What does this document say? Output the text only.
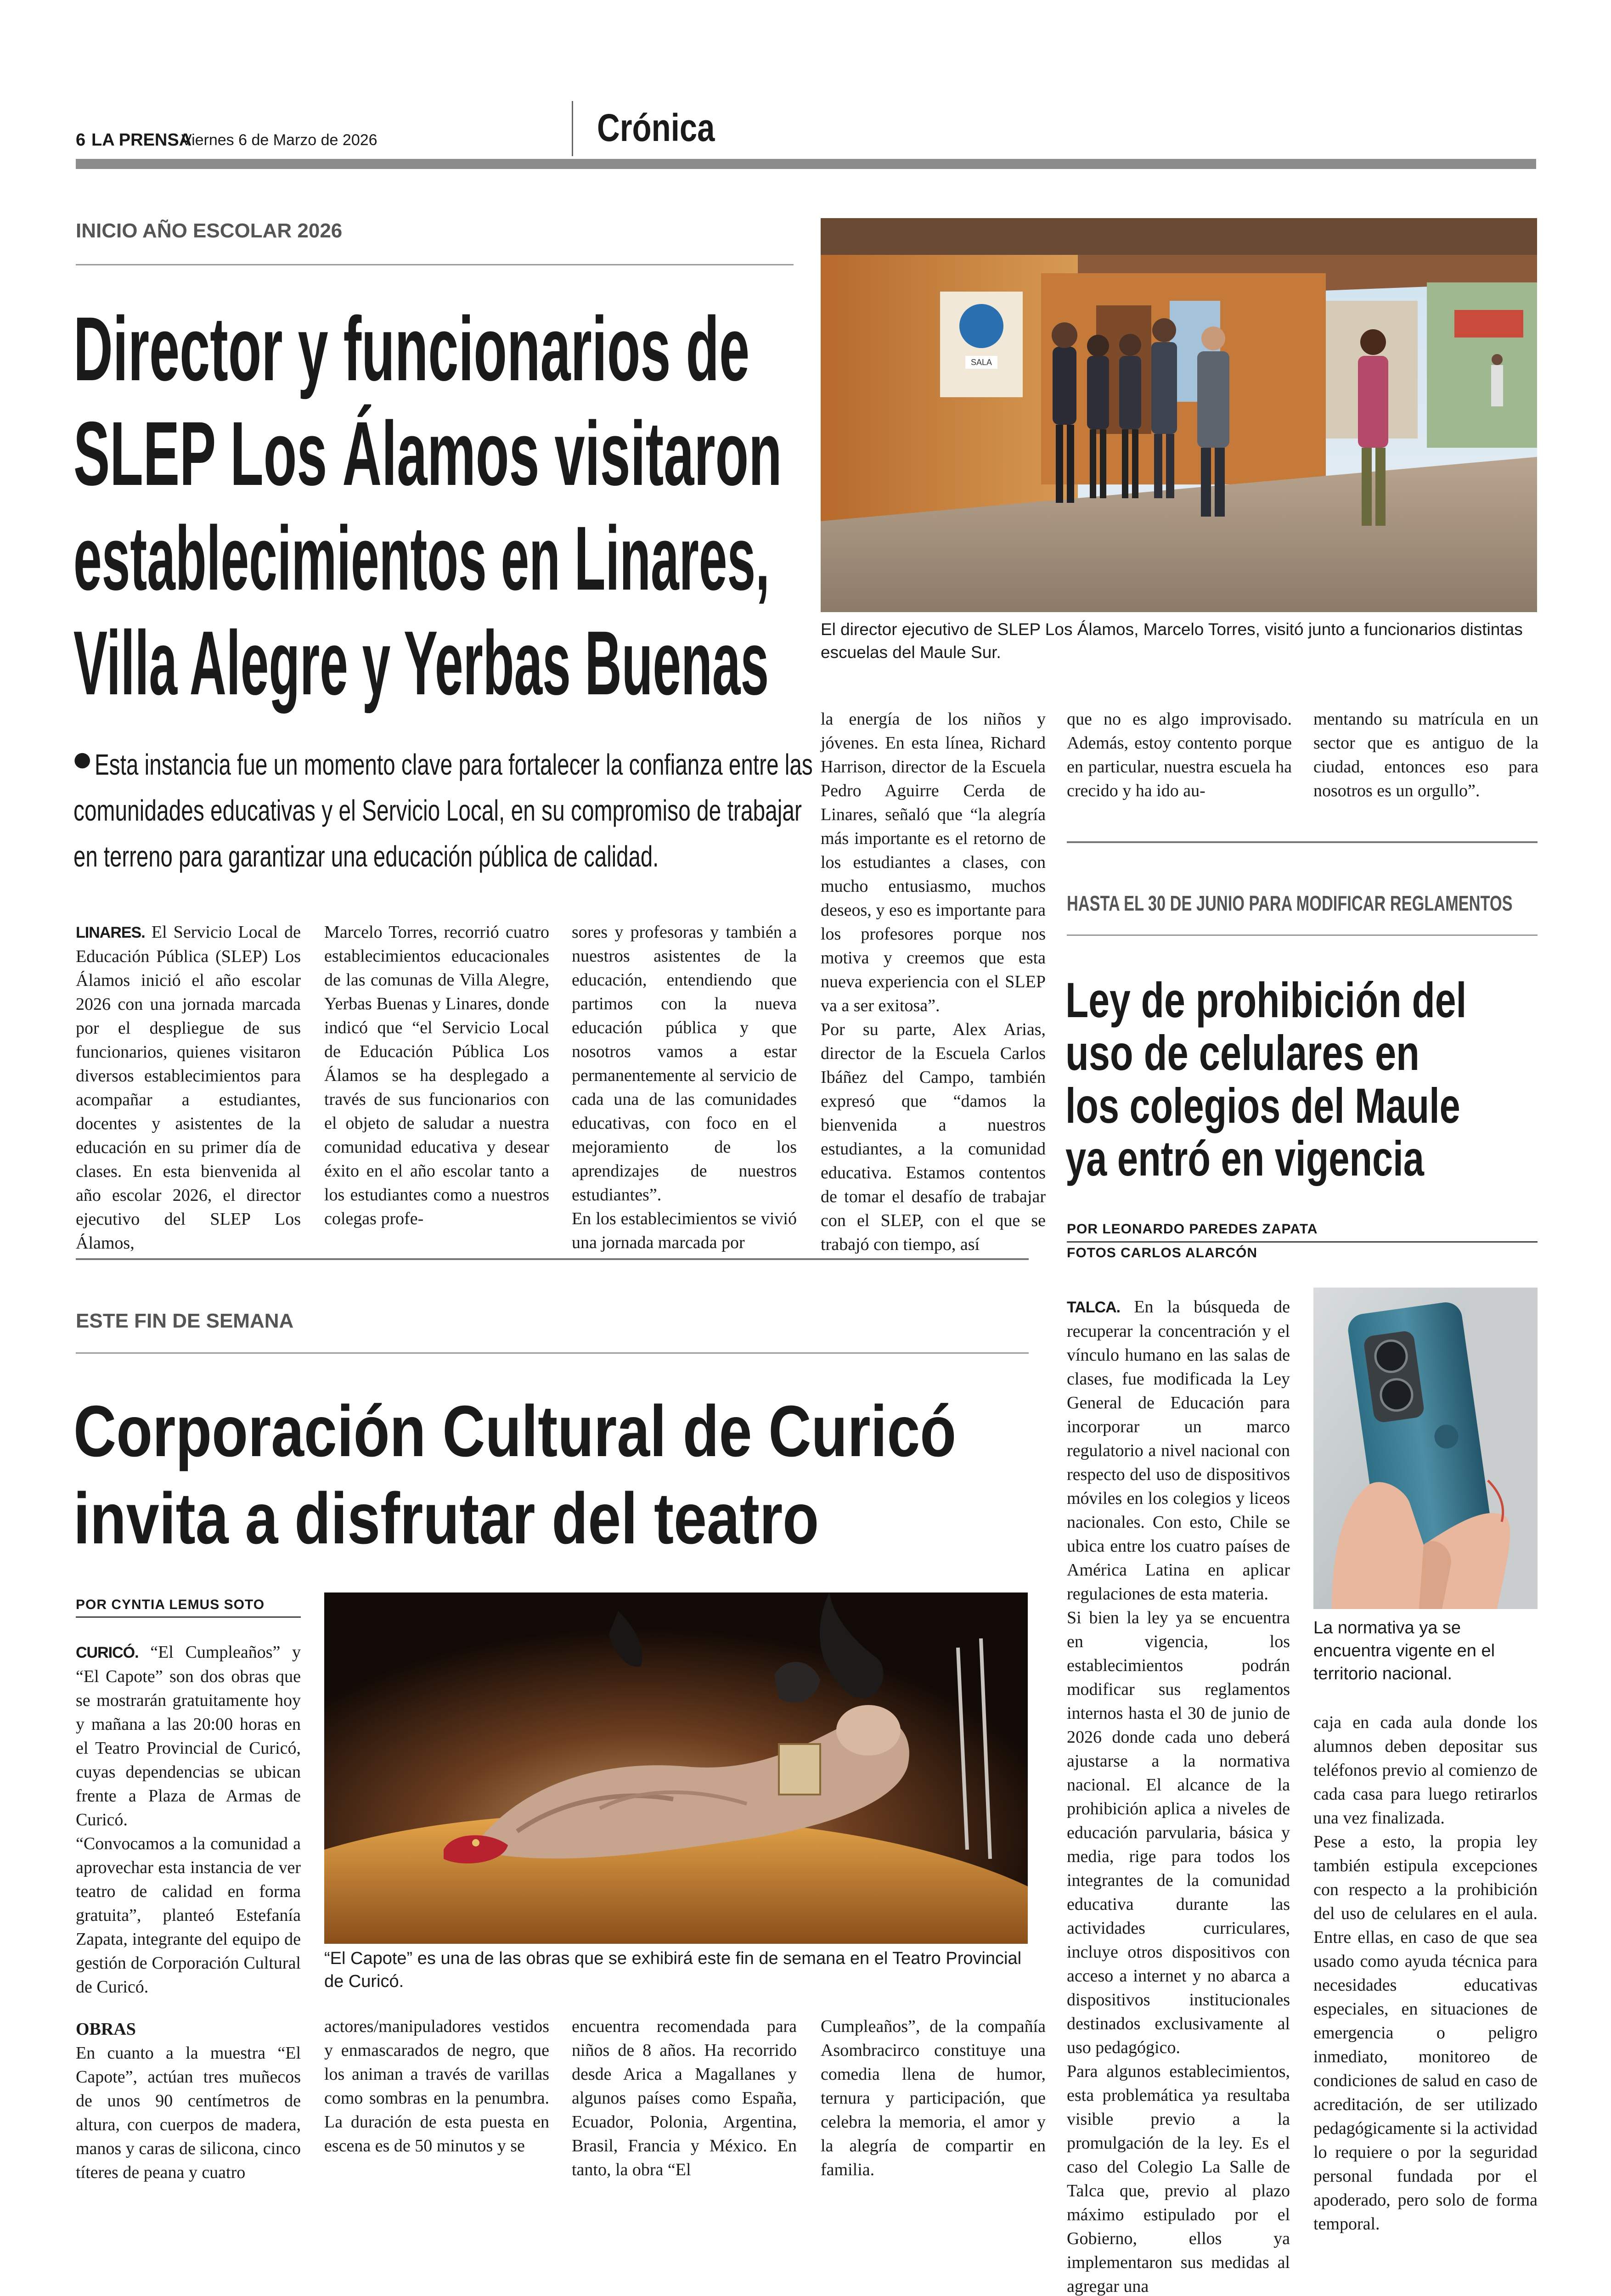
6 LA PRENSA
Viernes 6 de Marzo de 2026	Crónica
INICIO AÑO ESCOLAR 2026
Director y funcionarios de
SLEP Los Álamos visitaron
establecimientos en Linares,
Villa Alegre y Yerbas Buenas
● Esta instancia fue un momento clave para fortalecer la confianza entre las
comunidades educativas y el Servicio Local, en su compromiso de trabajar
en terreno para garantizar una educación pública de calidad.
SALA
El director ejecutivo de SLEP Los Álamos, Marcelo Torres, visitó junto a funcionarios distintas escuelas del Maule Sur.

LINARES. El Servicio Local de Educación Pública (SLEP) Los Álamos inició el año escolar 2026 con una jornada marcada por el despliegue de sus funcionarios, quienes visitaron diversos establecimientos para acompañar a estudiantes, docentes y asistentes de la educación en su primer día de clases. En esta bienvenida al año escolar 2026, el director ejecutivo del SLEP Los Álamos,

Marcelo Torres, recorrió cuatro establecimientos educacionales de las comunas de Villa Alegre, Yerbas Buenas y Linares, donde indicó que “el Servicio Local de Educación Pública Los Álamos se ha desplegado a través de sus funcionarios con el objeto de saludar a nuestra comunidad educativa y desear éxito en el año escolar tanto a los estudiantes como a nuestros colegas profe-

sores y profesoras y también a nuestros asistentes de la educación, entendiendo que partimos con la nueva educación pública y que nosotros vamos a estar permanentemente al servicio de cada una de las comunidades educativas, con foco en el mejoramiento de los aprendizajes de nuestros estudiantes”.

En los establecimientos se vivió una jornada marcada por

la energía de los niños y jóvenes. En esta línea, Richard Harrison, director de la Escuela Pedro Aguirre Cerda de Linares, señaló que “la alegría más importante es el retorno de los estudiantes a clases, con mucho entusiasmo, muchos deseos, y eso es importante para los profesores porque nos motiva y creemos que esta nueva experiencia con el SLEP va a ser exitosa”.

Por su parte, Alex Arias, director de la Escuela Carlos Ibáñez del Campo, también expresó que “damos la bienvenida a nuestros estudiantes, a la comunidad educativa. Estamos contentos de tomar el desafío de trabajar con el SLEP, con el que se trabajó con tiempo, así

que no es algo improvisado. Además, estoy contento porque en particular, nuestra escuela ha crecido y ha ido au-
mentando su matrícula en un sector que es antiguo de la ciudad, entonces eso para nosotros es un orgullo”.
HASTA EL 30 DE JUNIO PARA MODIFICAR REGLAMENTOS
Ley de prohibición del
uso de celulares en
los colegios del Maule
ya entró en vigencia
POR LEONARDO PAREDES ZAPATA
FOTOS CARLOS ALARCÓN

TALCA. En la búsqueda de recuperar la concentración y el vínculo humano en las salas de clases, fue modificada la Ley General de Educación para incorporar un marco regulatorio a nivel nacional con respecto del uso de dispositivos móviles en los colegios y liceos nacionales. Con esto, Chile se ubica entre los cuatro países de América Latina en aplicar regulaciones de esta materia.

Si bien la ley ya se encuentra en vigencia, los establecimientos podrán modificar sus reglamentos internos hasta el 30 de junio de 2026 donde cada uno deberá ajustarse a la normativa nacional. El alcance de la prohibición aplica a niveles de educación parvularia, básica y media, rige para todos los integrantes de la comunidad educativa durante las actividades curriculares, incluye otros dispositivos con acceso a internet y no abarca a dispositivos institucionales destinados exclusivamente al uso pedagógico.

Para algunos establecimientos, esta problemática ya resultaba visible previo a la promulgación de la ley. Es el caso del Colegio La Salle de Talca que, previo al plazo máximo estipulado por el Gobierno, ellos ya implementaron sus medidas al agregar una

La normativa ya se encuentra vigente en el territorio nacional.

caja en cada aula donde los alumnos deben depositar sus teléfonos previo al comienzo de cada casa para luego retirarlos una vez finalizada.

Pese a esto, la propia ley también estipula excepciones con respecto a la prohibición del uso de celulares en el aula. Entre ellas, en caso de que sea usado como ayuda técnica para necesidades educativas especiales, en situaciones de emergencia o peligro inmediato, monitoreo de condiciones de salud en caso de acreditación, de ser utilizado pedagógicamente si la actividad lo requiere o por la seguridad personal fundada por el apoderado, pero solo de forma temporal.

ESTE FIN DE SEMANA
Corporación Cultural de Curicó
invita a disfrutar del teatro
POR CYNTIA LEMUS SOTO

CURICÓ. “El Cumpleaños” y “El Capote” son dos obras que se mostrarán gratuitamente hoy y mañana a las 20:00 horas en el Teatro Provincial de Curicó, cuyas dependencias se ubican frente a Plaza de Armas de Curicó.

“Convocamos a la comunidad a aprovechar esta instancia de ver teatro de calidad en forma gratuita”, planteó Estefanía Zapata, integrante del equipo de gestión de Corporación Cultural de Curicó.

OBRAS

En cuanto a la muestra “El Capote”, actúan tres muñecos de unos 90 centímetros de altura, con cuerpos de madera, manos y caras de silicona, cinco títeres de peana y cuatro

“El Capote” es una de las obras que se exhibirá este fin de semana en el Teatro Provincial de Curicó.
actores/manipuladores vestidos y enmascarados de negro, que los animan a través de varillas como sombras en la penumbra. La duración de esta puesta en escena es de 50 minutos y se
encuentra recomendada para niños de 8 años. Ha recorrido desde Arica a Magallanes y algunos países como España, Ecuador, Polonia, Argentina, Brasil, Francia y México. En tanto, la obra “El
Cumpleaños”, de la compañía Asombracirco constituye una comedia llena de humor, ternura y participación, que celebra la memoria, el amor y la alegría de compartir en familia.
